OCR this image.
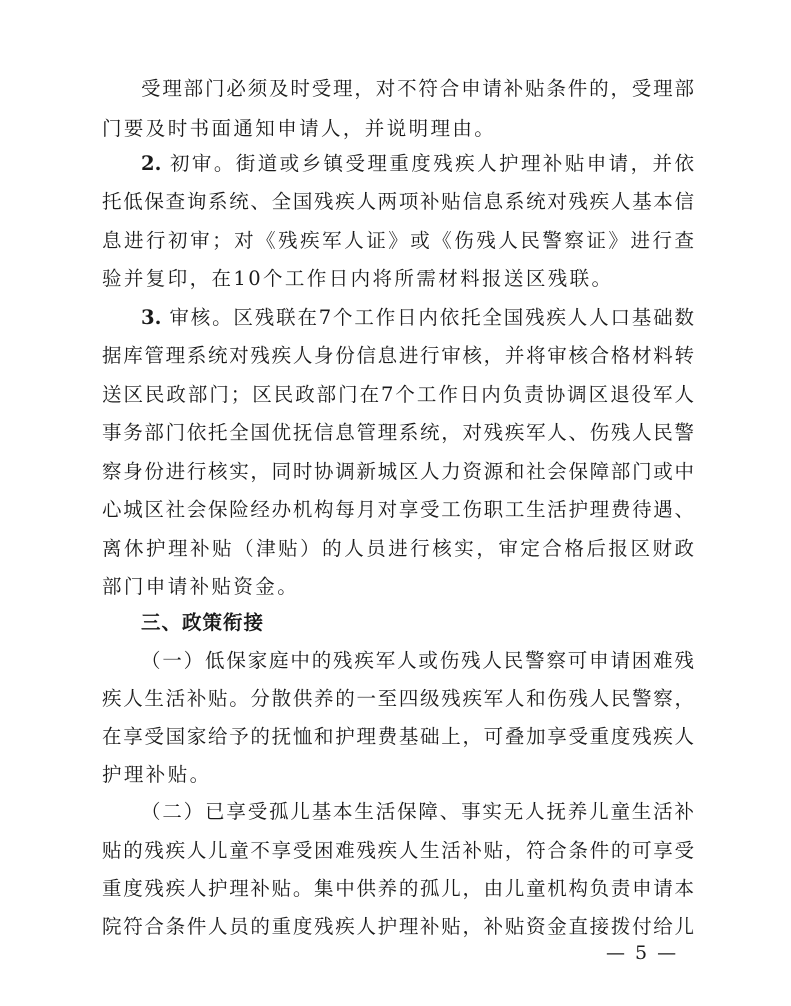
受理部门必须及时受理，对不符合申请补贴条件的，受理部
门要及时书面通知申请人，并说明理由。
2. 初审。街道或乡镇受理重度残疾人护理补贴申请，并依
托低保查询系统、全国残疾人两项补贴信息系统对残疾人基本信
息进行初审；对《残疾军人证》或《伤残人民警察证》进行查
验并复印，在10个工作日内将所需材料报送区残联。
3. 审核。区残联在7个工作日内依托全国残疾人人口基础数
据库管理系统对残疾人身份信息进行审核，并将审核合格材料转
送区民政部门；区民政部门在7个工作日内负责协调区退役军人
事务部门依托全国优抚信息管理系统，对残疾军人、伤残人民警
察身份进行核实，同时协调新城区人力资源和社会保障部门或中
心城区社会保险经办机构每月对享受工伤职工生活护理费待遇、
离休护理补贴（津贴）的人员进行核实，审定合格后报区财政
部门申请补贴资金。
三、政策衔接
（一）低保家庭中的残疾军人或伤残人民警察可申请困难残
疾人生活补贴。分散供养的一至四级残疾军人和伤残人民警察，
在享受国家给予的抚恤和护理费基础上，可叠加享受重度残疾人
护理补贴。
（二）已享受孤儿基本生活保障、事实无人抚养儿童生活补
贴的残疾人儿童不享受困难残疾人生活补贴，符合条件的可享受
重度残疾人护理补贴。集中供养的孤儿，由儿童机构负责申请本
院符合条件人员的重度残疾人护理补贴，补贴资金直接拨付给儿
— 5 —
